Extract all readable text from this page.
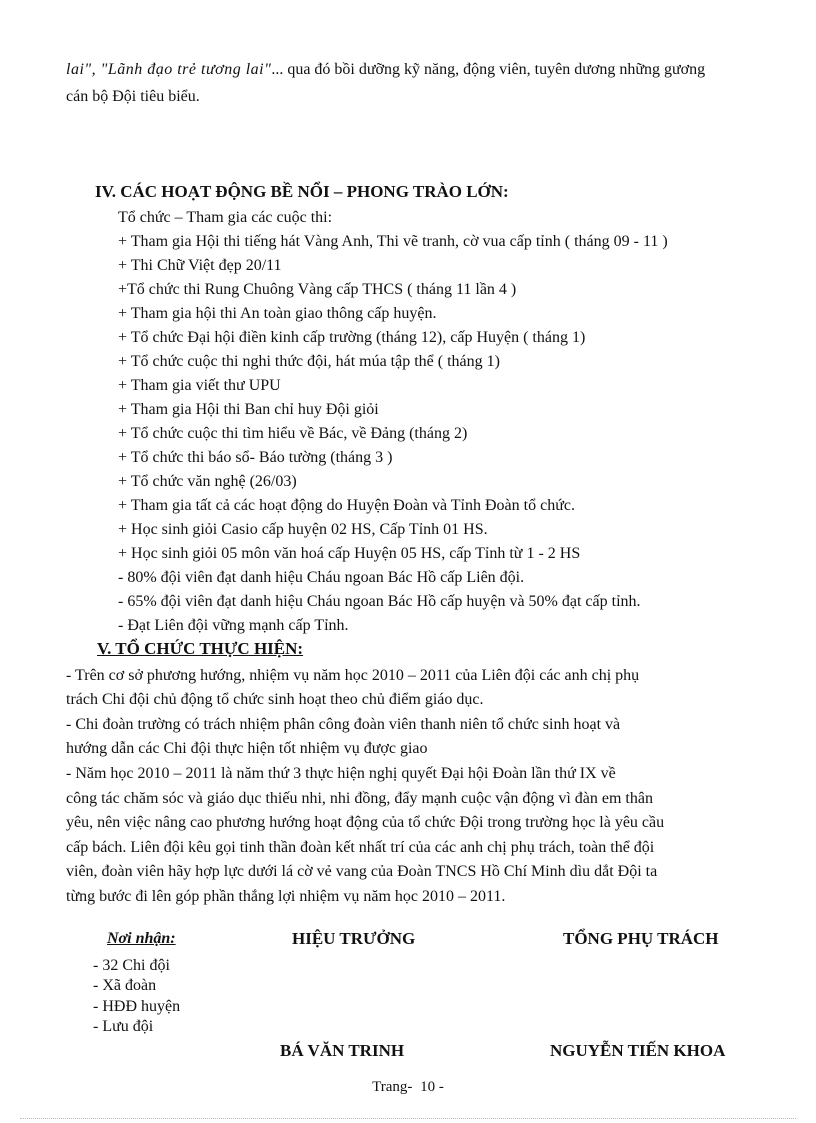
lai", "Lãnh đạo trẻ tương lai"... qua đó bồi dưỡng kỹ năng, động viên, tuyên dương những gương
cán bộ Đội tiêu biểu.
IV. CÁC HOẠT ĐỘNG BỀ NỔI – PHONG TRÀO LỚN:
Tổ chức – Tham gia các cuộc thi:
+ Tham gia Hội thi tiếng hát Vàng Anh, Thi vẽ tranh, cờ vua cấp tỉnh ( tháng 09 - 11 )
+ Thi Chữ Việt đẹp 20/11
+Tổ chức thi Rung Chuông Vàng cấp THCS ( tháng 11 lần 4 )
+ Tham gia hội thi An toàn giao thông cấp huyện.
+ Tổ chức Đại hội điền kinh cấp trường (tháng 12), cấp Huyện ( tháng 1)
+ Tổ chức cuộc thi nghi thức đội, hát múa tập thể ( tháng 1)
+ Tham gia viết thư UPU
+ Tham gia Hội thi Ban chỉ huy Đội giỏi
+ Tổ chức cuộc thi tìm hiểu về Bác, về Đảng (tháng 2)
+ Tổ chức thi báo sổ- Báo tường (tháng 3 )
+ Tổ chức văn nghệ (26/03)
+ Tham gia tất cả các hoạt động do Huyện Đoàn và Tỉnh Đoàn tổ chức.
+ Học sinh giỏi Casio cấp huyện 02 HS, Cấp Tỉnh 01 HS.
+ Học sinh giỏi 05 môn văn hoá cấp Huyện 05 HS, cấp Tỉnh từ 1 - 2 HS
- 80% đội viên đạt danh hiệu Cháu ngoan Bác Hồ cấp Liên đội.
- 65% đội viên đạt danh hiệu Cháu ngoan Bác Hồ cấp huyện và 50% đạt cấp tỉnh.
- Đạt Liên đội vững mạnh cấp Tỉnh.
V. TỔ CHỨC THỰC HIỆN:
- Trên cơ sở phương hướng, nhiệm vụ năm học 2010 – 2011 của Liên đội các anh chị phụ
trách Chi đội chủ động tổ chức sinh hoạt theo chủ điểm giáo dục.
- Chi đoàn trường có trách nhiệm phân công đoàn viên thanh niên tổ chức sinh hoạt và
hướng dẫn các Chi đội thực hiện tốt nhiệm vụ được giao
- Năm học 2010 – 2011 là năm thứ 3 thực hiện nghị quyết Đại hội Đoàn lần thứ IX về
công tác chăm sóc và giáo dục thiếu nhi, nhi đồng, đẩy mạnh cuộc vận động vì đàn em thân
yêu, nên việc nâng cao phương hướng hoạt động của tổ chức Đội trong trường học là yêu cầu
cấp bách. Liên đội kêu gọi tinh thần đoàn kết nhất trí của các anh chị phụ trách, toàn thể đội
viên, đoàn viên hãy hợp lực dưới lá cờ vẻ vang của Đoàn TNCS Hồ Chí Minh dìu dắt Đội ta
từng bước đi lên góp phần thắng lợi nhiệm vụ năm học 2010 – 2011.
Nơi nhận:
- 32 Chi đội
- Xã đoàn
- HĐĐ huyện
- Lưu đội
HIỆU TRƯỞNG	TỔNG PHỤ TRÁCH
BÁ VĂN TRINH	NGUYỄN TIẾN KHOA
Trang- 10 -
